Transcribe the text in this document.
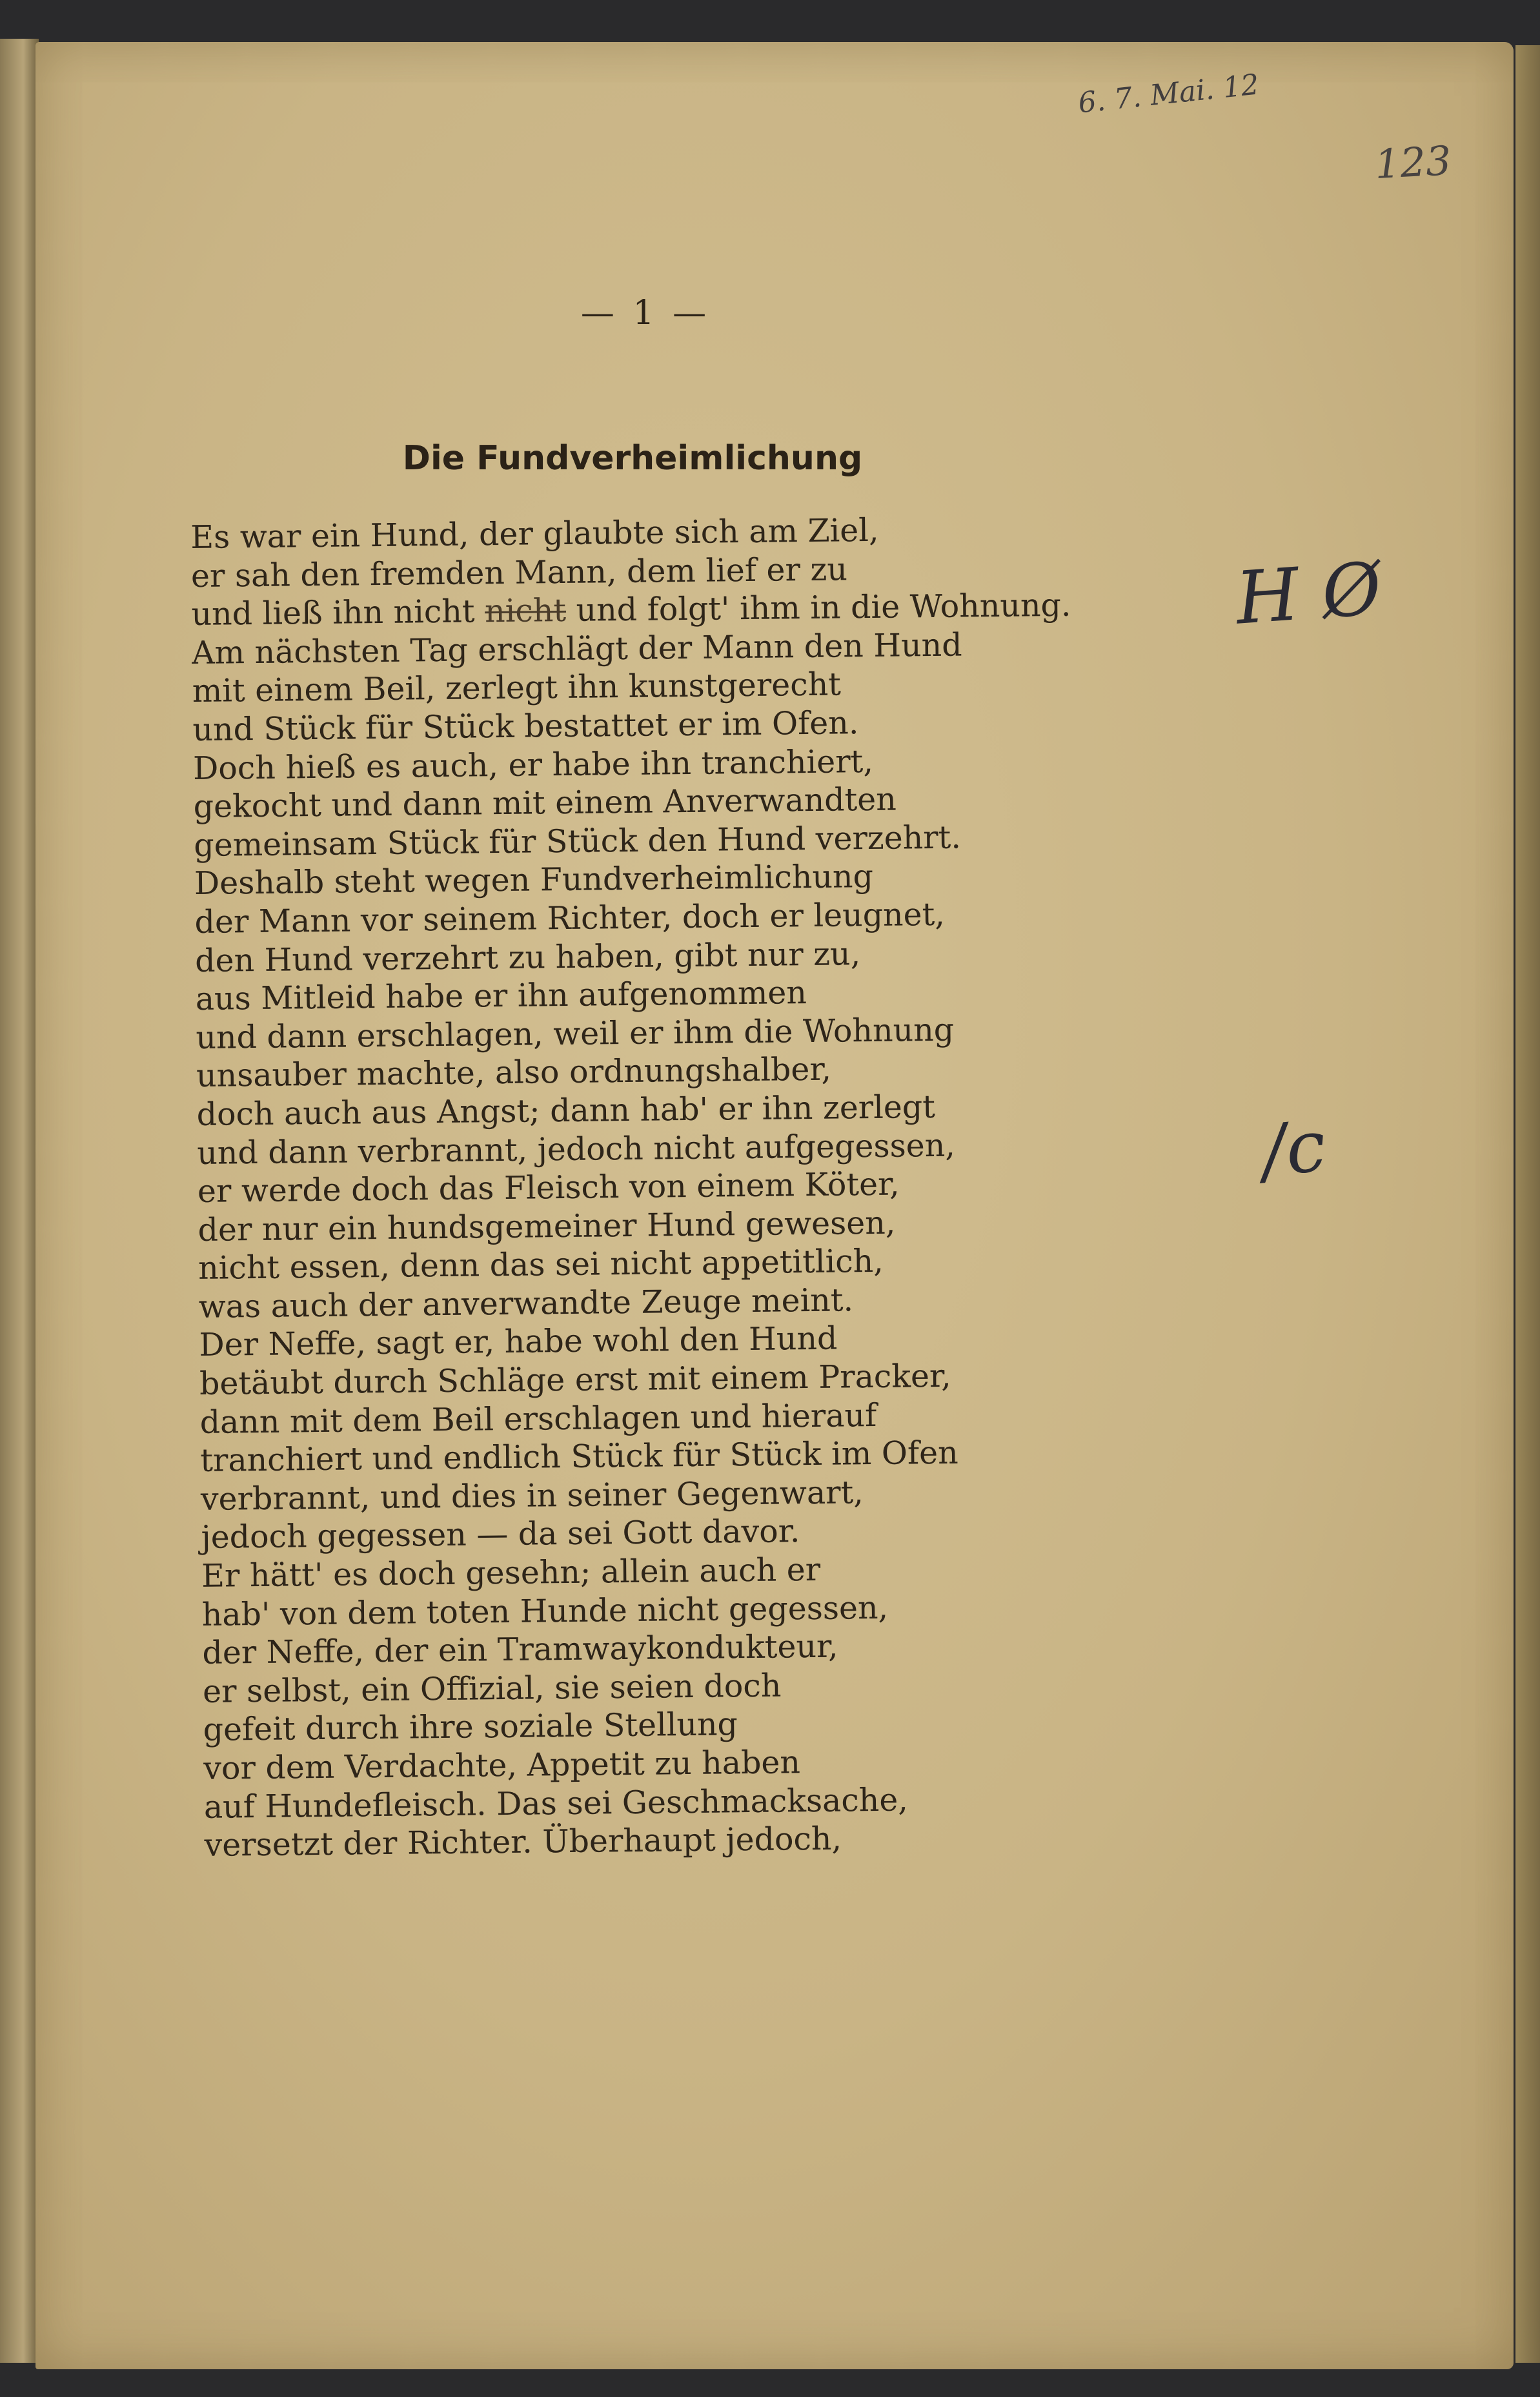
6. 7. Mai. 12
123
— 1 —
Die Fundverheimlichung
Es war ein Hund, der glaubte sich am Ziel,
er sah den fremden Mann, dem lief er zu
und ließ ihn nicht nicht und folgt' ihm in die Wohnung.
Am nächsten Tag erschlägt der Mann den Hund
mit einem Beil, zerlegt ihn kunstgerecht
und Stück für Stück bestattet er im Ofen.
Doch hieß es auch, er habe ihn tranchiert,
gekocht und dann mit einem Anverwandten
gemeinsam Stück für Stück den Hund verzehrt.
Deshalb steht wegen Fundverheimlichung
der Mann vor seinem Richter, doch er leugnet,
den Hund verzehrt zu haben, gibt nur zu,
aus Mitleid habe er ihn aufgenommen
und dann erschlagen, weil er ihm die Wohnung
unsauber machte, also ordnungshalber,
doch auch aus Angst; dann hab' er ihn zerlegt
und dann verbrannt, jedoch nicht aufgegessen,
er werde doch das Fleisch von einem Köter,
der nur ein hundsgemeiner Hund gewesen,
nicht essen, denn das sei nicht appetitlich,
was auch der anverwandte Zeuge meint.
Der Neffe, sagt er, habe wohl den Hund
betäubt durch Schläge erst mit einem Pracker,
dann mit dem Beil erschlagen und hierauf
tranchiert und endlich Stück für Stück im Ofen
verbrannt, und dies in seiner Gegenwart,
jedoch gegessen — da sei Gott davor.
Er hätt' es doch gesehn; allein auch er
hab' von dem toten Hunde nicht gegessen,
der Neffe, der ein Tramwaykondukteur,
er selbst, ein Offizial, sie seien doch
gefeit durch ihre soziale Stellung
vor dem Verdachte, Appetit zu haben
auf Hundefleisch. Das sei Geschmacksache,
versetzt der Richter. Überhaupt jedoch,
H Ø
/c
